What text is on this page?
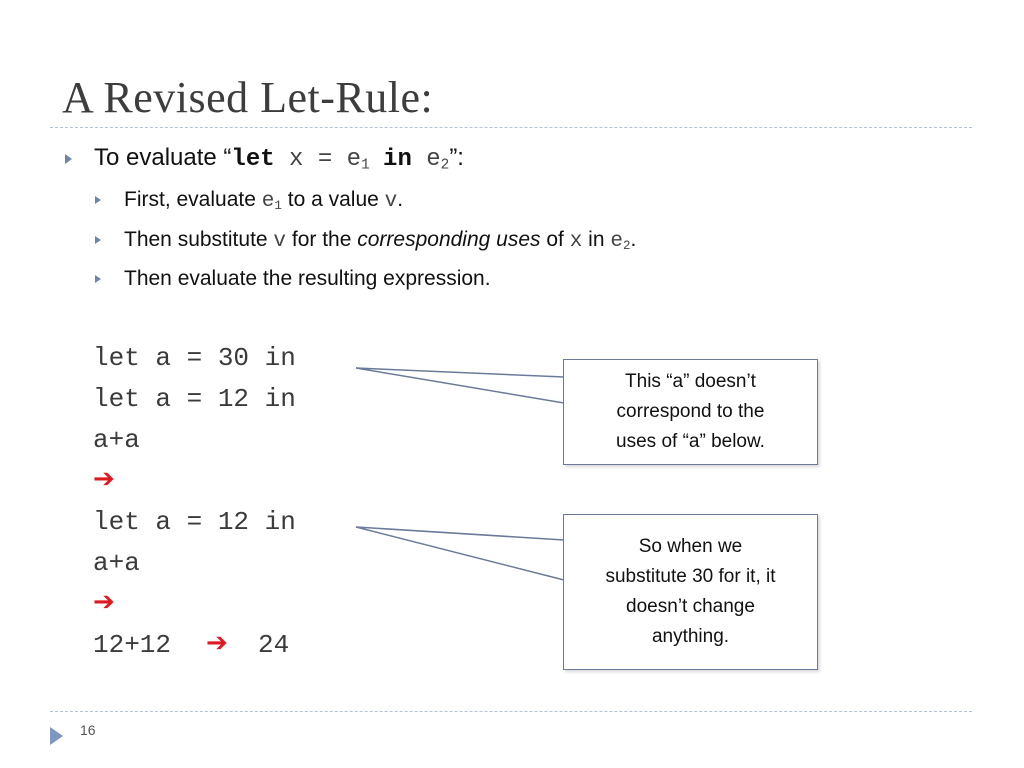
A Revised Let-Rule:
To evaluate “let $x = e_1$ in $e_2$”:
First, evaluate $e_1$ to a value v.
Then substitute v for the corresponding uses of x in $e_2$.
Then evaluate the resulting expression.
let a = 30 in
let a = 12 in
a+a
➔
let a = 12 in
a+a
➔
12+12 ➔ 24
This “a” doesn’t
correspond to the
uses of “a” below.
So when we
substitute 30 for it, it
doesn’t change
anything.
16
